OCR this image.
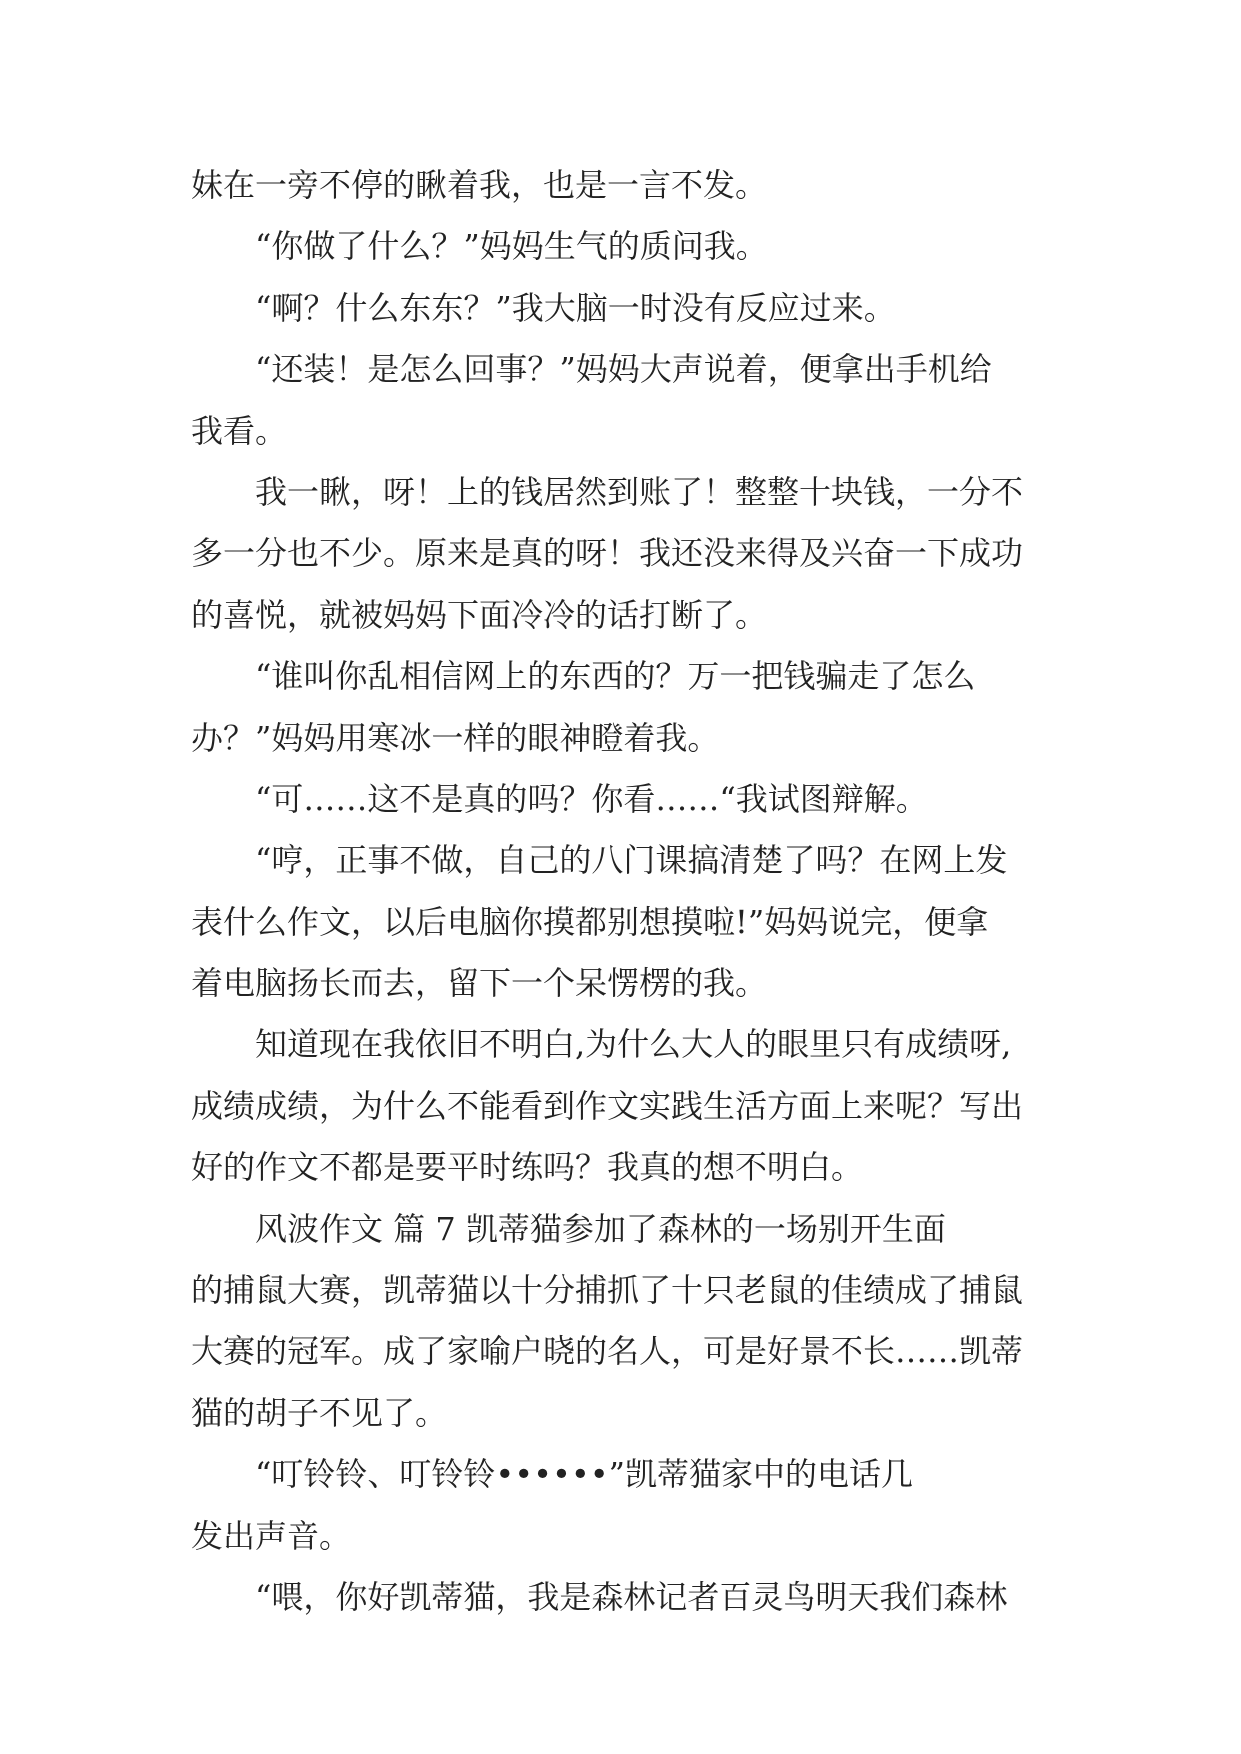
妹在一旁不停的瞅着我，也是一言不发。
“你做了什么？”妈妈生气的质问我。
“啊？什么东东？”我大脑一时没有反应过来。
“还装！是怎么回事？”妈妈大声说着，便拿出手机给
我看。
我一瞅，呀！上的钱居然到账了！整整十块钱，一分不
多一分也不少。原来是真的呀！我还没来得及兴奋一下成功
的喜悦，就被妈妈下面冷冷的话打断了。
“谁叫你乱相信网上的东西的？万一把钱骗走了怎么
办？”妈妈用寒冰一样的眼神瞪着我。
“可……这不是真的吗？你看……“我试图辩解。
“哼，正事不做，自己的八门课搞清楚了吗？在网上发
表什么作文，以后电脑你摸都别想摸啦!”妈妈说完，便拿
着电脑扬长而去，留下一个呆愣楞的我。
知道现在我依旧不明白,为什么大人的眼里只有成绩呀,
成绩成绩，为什么不能看到作文实践生活方面上来呢？写出
好的作文不都是要平时练吗？我真的想不明白。
风波作文 篇 7 凯蒂猫参加了森林的一场别开生面
的捕鼠大赛，凯蒂猫以十分捕抓了十只老鼠的佳绩成了捕鼠
大赛的冠军。成了家喻户晓的名人，可是好景不长……凯蒂
猫的胡子不见了。
“叮铃铃、叮铃铃••••••”凯蒂猫家中的电话几
发出声音。
“喂，你好凯蒂猫，我是森林记者百灵鸟明天我们森林
